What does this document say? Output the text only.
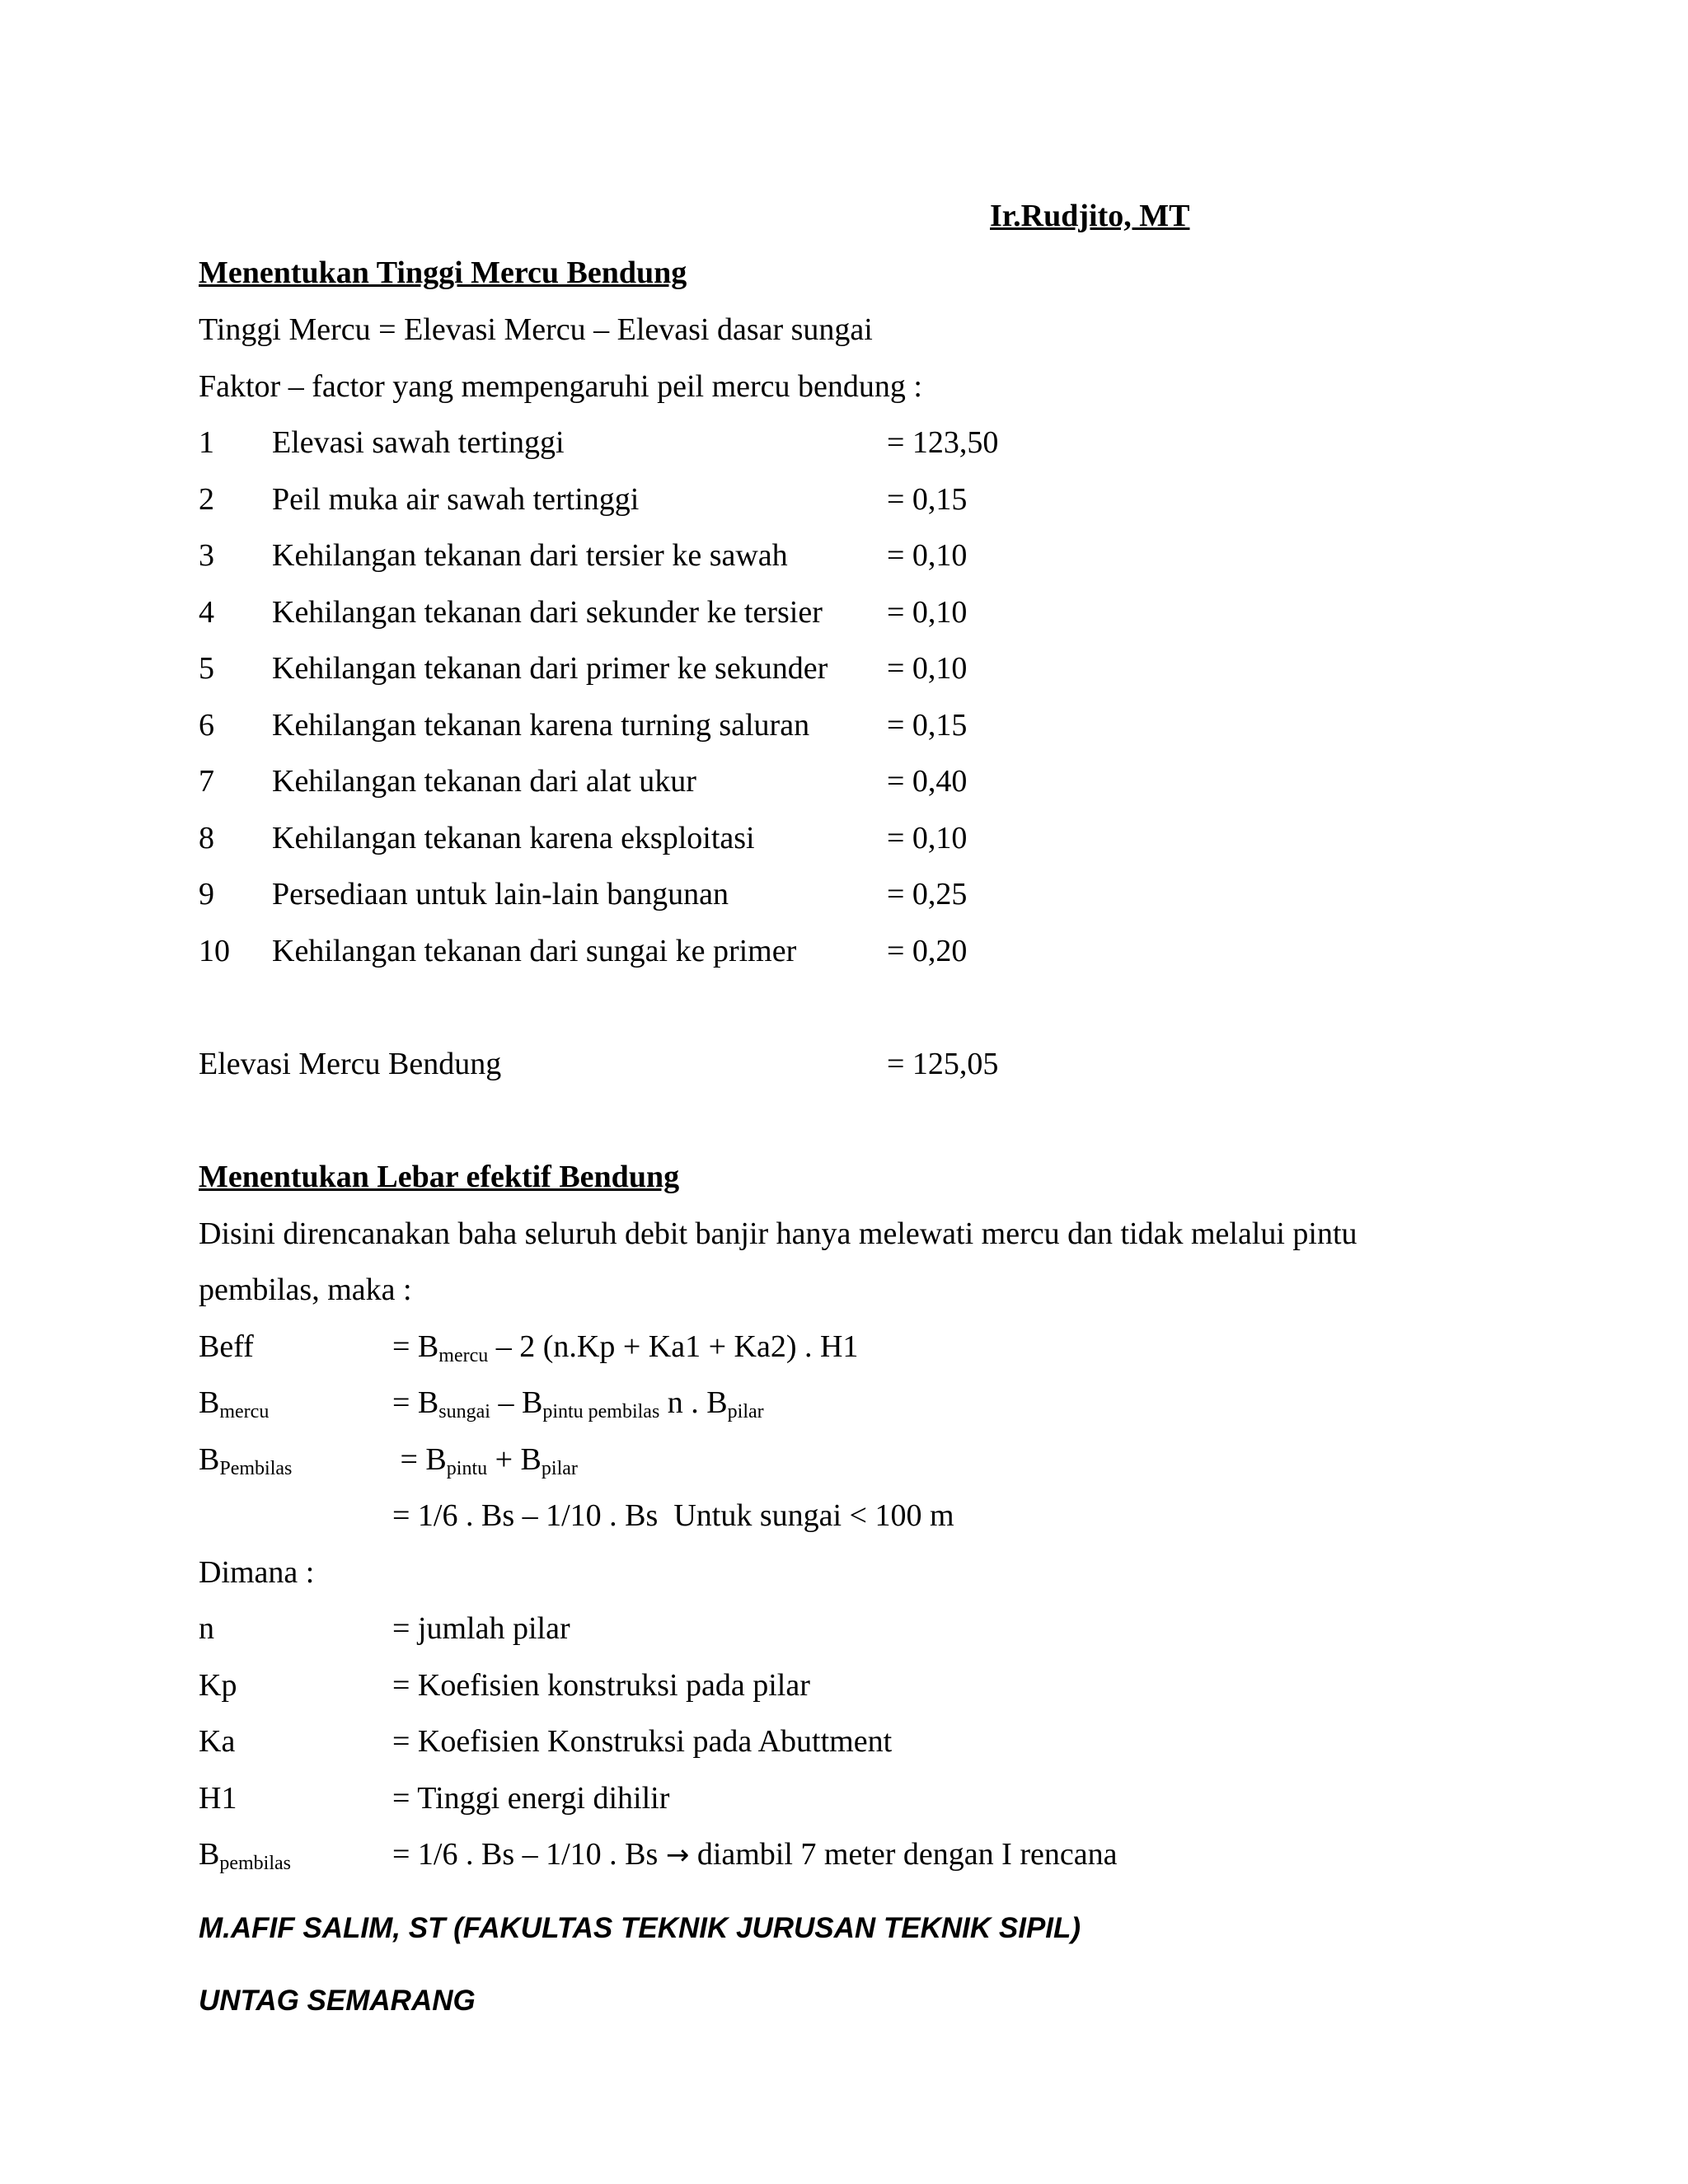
Ir.Rudjito, MT
Menentukan Tinggi Mercu Bendung
Tinggi Mercu = Elevasi Mercu – Elevasi dasar sungai
Faktor – factor yang mempengaruhi peil mercu bendung :
1 Elevasi sawah tertinggi	= 123,50
2 Peil muka air sawah tertinggi	= 0,15
3 Kehilangan tekanan dari tersier ke sawah	= 0,10
4 Kehilangan tekanan dari sekunder ke tersier = 0,10
5 Kehilangan tekanan dari primer ke sekunder = 0,10
6 Kehilangan tekanan karena turning saluran = 0,15
7 Kehilangan tekanan dari alat ukur	= 0,40
8 Kehilangan tekanan karena eksploitasi	= 0,10
9 Persediaan untuk lain-lain bangunan	= 0,25
10 Kehilangan tekanan dari sungai ke primer	= 0,20
Elevasi Mercu Bendung	= 125,05
Menentukan Lebar efektif Bendung
Disini direncanakan baha seluruh debit banjir hanya melewati mercu dan tidak melalui pintu
pembilas, maka :
Beff	= $B_{mercu} - 2$ (n.Kp + Ka1 + Ka2) . H1
$B_{mercu}$	= $B_{sungai} - B_{pintu pembilas}$ n . $B_{pilar}$
$B_{Pembilas}$	= $B_{pintu} + B_{pilar}$
= 1/6 . Bs – 1/10 . Bs  Untuk sungai < 100 m
Dimana :
n	= jumlah pilar
Kp	= Koefisien konstruksi pada pilar
Ka	= Koefisien Konstruksi pada Abuttment
H1	= Tinggi energi dihilir
$B_{pembilas}$	= 1/6 . Bs – 1/10 . Bs → diambil 7 meter dengan I rencana
M.AFIF SALIM, ST (FAKULTAS TEKNIK JURUSAN TEKNIK SIPIL)
UNTAG SEMARANG
